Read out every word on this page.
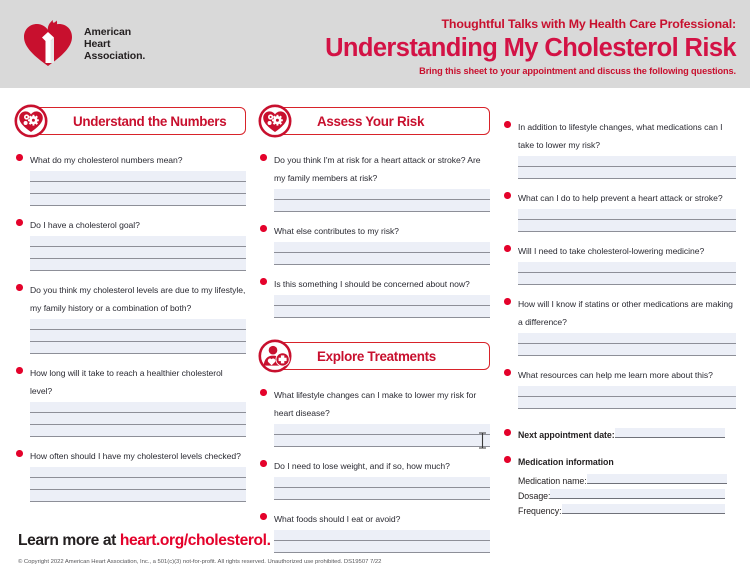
American
Heart
Association.
Thoughtful Talks with My Health Care Professional:
Understanding My Cholesterol Risk
Bring this sheet to your appointment and discuss the following questions.
Understand the Numbers
What do my cholesterol numbers mean?
Do I have a cholesterol goal?
Do you think my cholesterol levels are due to my lifestyle, my family history or a combination of both?
How long will it take to reach a healthier cholesterol level?
How often should I have my cholesterol levels checked?
Assess Your Risk
Do you think I'm at risk for a heart attack or stroke? Are my family members at risk?
What else contributes to my risk?
Is this something I should be concerned about now?
Explore Treatments
What lifestyle changes can I make to lower my risk for heart disease?
Do I need to lose weight, and if so, how much?
What foods should I eat or avoid?
In addition to lifestyle changes, what medications can I take to lower my risk?
What can I do to help prevent a heart attack or stroke?
Will I need to take cholesterol-lowering medicine?
How will I know if statins or other medications are making a difference?
What resources can help me learn more about this?
Next appointment date:
Medication information
Medication name:
Dosage:
Frequency:
Learn more at heart.org/cholesterol.
© Copyright 2022 American Heart Association, Inc., a 501(c)(3) not-for-profit. All rights reserved. Unauthorized use prohibited. DS19507 7/22
